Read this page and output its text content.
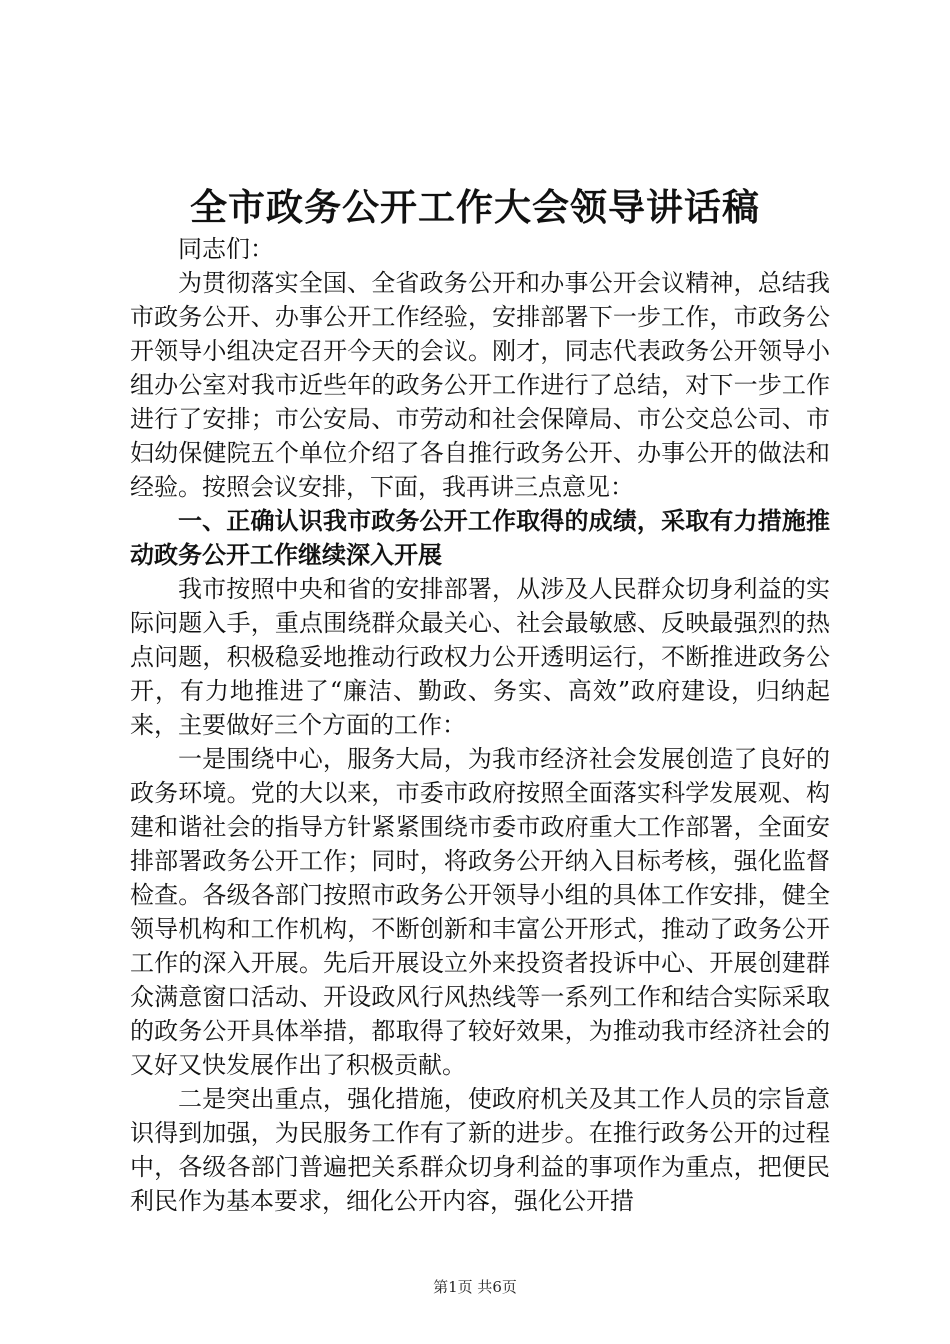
全市政务公开工作大会领导讲话稿

同志们：

为贯彻落实全国、全省政务公开和办事公开会议精神，总结我市政务公开、办事公开工作经验，安排部署下一步工作，市政务公开领导小组决定召开今天的会议。刚才，同志代表政务公开领导小组办公室对我市近些年的政务公开工作进行了总结，对下一步工作进行了安排；市公安局、市劳动和社会保障局、市公交总公司、市妇幼保健院五个单位介绍了各自推行政务公开、办事公开的做法和经验。按照会议安排，下面，我再讲三点意见：

一、正确认识我市政务公开工作取得的成绩，采取有力措施推动政务公开工作继续深入开展

我市按照中央和省的安排部署，从涉及人民群众切身利益的实际问题入手，重点围绕群众最关心、社会最敏感、反映最强烈的热点问题，积极稳妥地推动行政权力公开透明运行，不断推进政务公开，有力地推进了“廉洁、勤政、务实、高效”政府建设，归纳起来，主要做好三个方面的工作：

一是围绕中心，服务大局，为我市经济社会发展创造了良好的政务环境。党的大以来，市委市政府按照全面落实科学发展观、构建和谐社会的指导方针紧紧围绕市委市政府重大工作部署，全面安排部署政务公开工作；同时，将政务公开纳入目标考核，强化监督检查。各级各部门按照市政务公开领导小组的具体工作安排，健全领导机构和工作机构，不断创新和丰富公开形式，推动了政务公开工作的深入开展。先后开展设立外来投资者投诉中心、开展创建群众满意窗口活动、开设政风行风热线等一系列工作和结合实际采取的政务公开具体举措，都取得了较好效果，为推动我市经济社会的又好又快发展作出了积极贡献。

二是突出重点，强化措施，使政府机关及其工作人员的宗旨意识得到加强，为民服务工作有了新的进步。在推行政务公开的过程中，各级各部门普遍把关系群众切身利益的事项作为重点，把便民利民作为基本要求，细化公开内容，强化公开措

第1页 共6页
